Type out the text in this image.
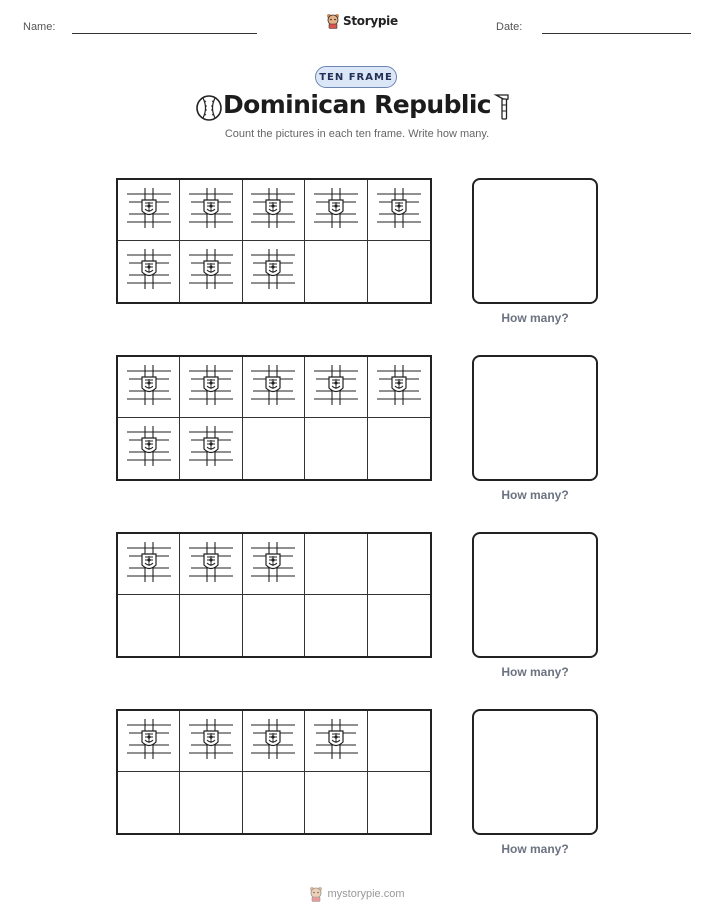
Name:	Storypie	Date:
TEN FRAME
Dominican Republic
Count the pictures in each ten frame. Write how many.
How many?
How many?
How many?
How many?
mystorypie.com
